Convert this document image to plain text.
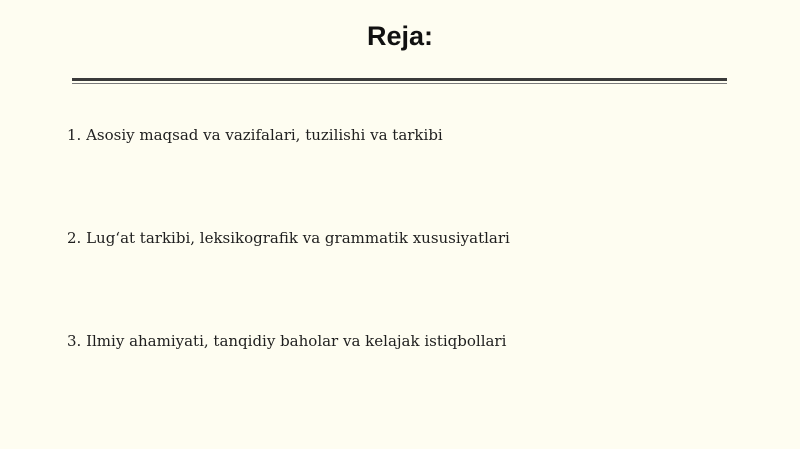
Reja:
1. Asosiy maqsad va vazifalari, tuzilishi va tarkibi
2. Lug‘at tarkibi, leksikografik va grammatik xususiyatlari
3. Ilmiy ahamiyati, tanqidiy baholar va kelajak istiqbollari
